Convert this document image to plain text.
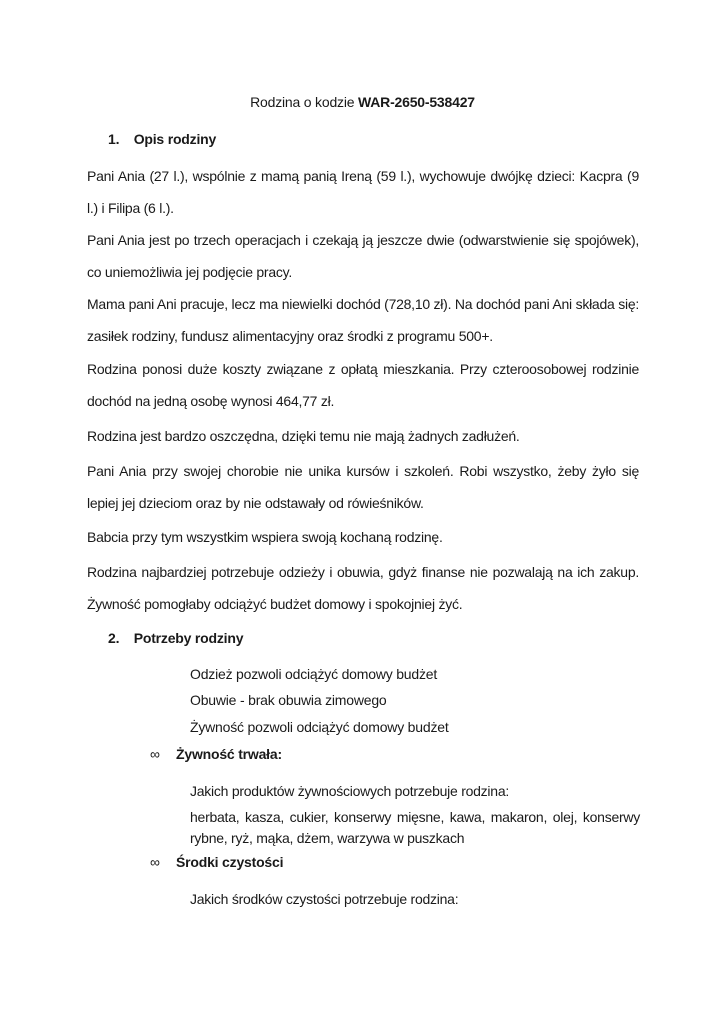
Rodzina o kodzie WAR-2650-538427
1. Opis rodziny

Pani Ania (27 l.), wspólnie z mamą panią Ireną (59 l.), wychowuje dwójkę dzieci: Kacpra (9 l.) i Filipa (6 l.).

Pani Ania jest po trzech operacjach i czekają ją jeszcze dwie (odwarstwienie się spojówek), co uniemożliwia jej podjęcie pracy.

Mama pani Ani pracuje, lecz ma niewielki dochód (728,10 zł). Na dochód pani Ani składa się: zasiłek rodziny, fundusz alimentacyjny oraz środki z programu 500+.

Rodzina ponosi duże koszty związane z opłatą mieszkania. Przy czteroosobowej rodzinie dochód na jedną osobę wynosi 464,77 zł.

Rodzina jest bardzo oszczędna, dzięki temu nie mają żadnych zadłużeń.

Pani Ania przy swojej chorobie nie unika kursów i szkoleń. Robi wszystko, żeby żyło się lepiej jej dzieciom oraz by nie odstawały od rówieśników.

Babcia przy tym wszystkim wspiera swoją kochaną rodzinę.

Rodzina najbardziej potrzebuje odzieży i obuwia, gdyż finanse nie pozwalają na ich zakup. Żywność pomogłaby odciążyć budżet domowy i spokojniej żyć.

2. Potrzeby rodziny
Odzież pozwoli odciążyć domowy budżet
Obuwie - brak obuwia zimowego
Żywność pozwoli odciążyć domowy budżet
∞ Żywność trwała:
Jakich produktów żywnościowych potrzebuje rodzina:
herbata, kasza, cukier, konserwy mięsne, kawa, makaron, olej, konserwy rybne, ryż, mąka, dżem, warzywa w puszkach
∞ Środki czystości
Jakich środków czystości potrzebuje rodzina:
